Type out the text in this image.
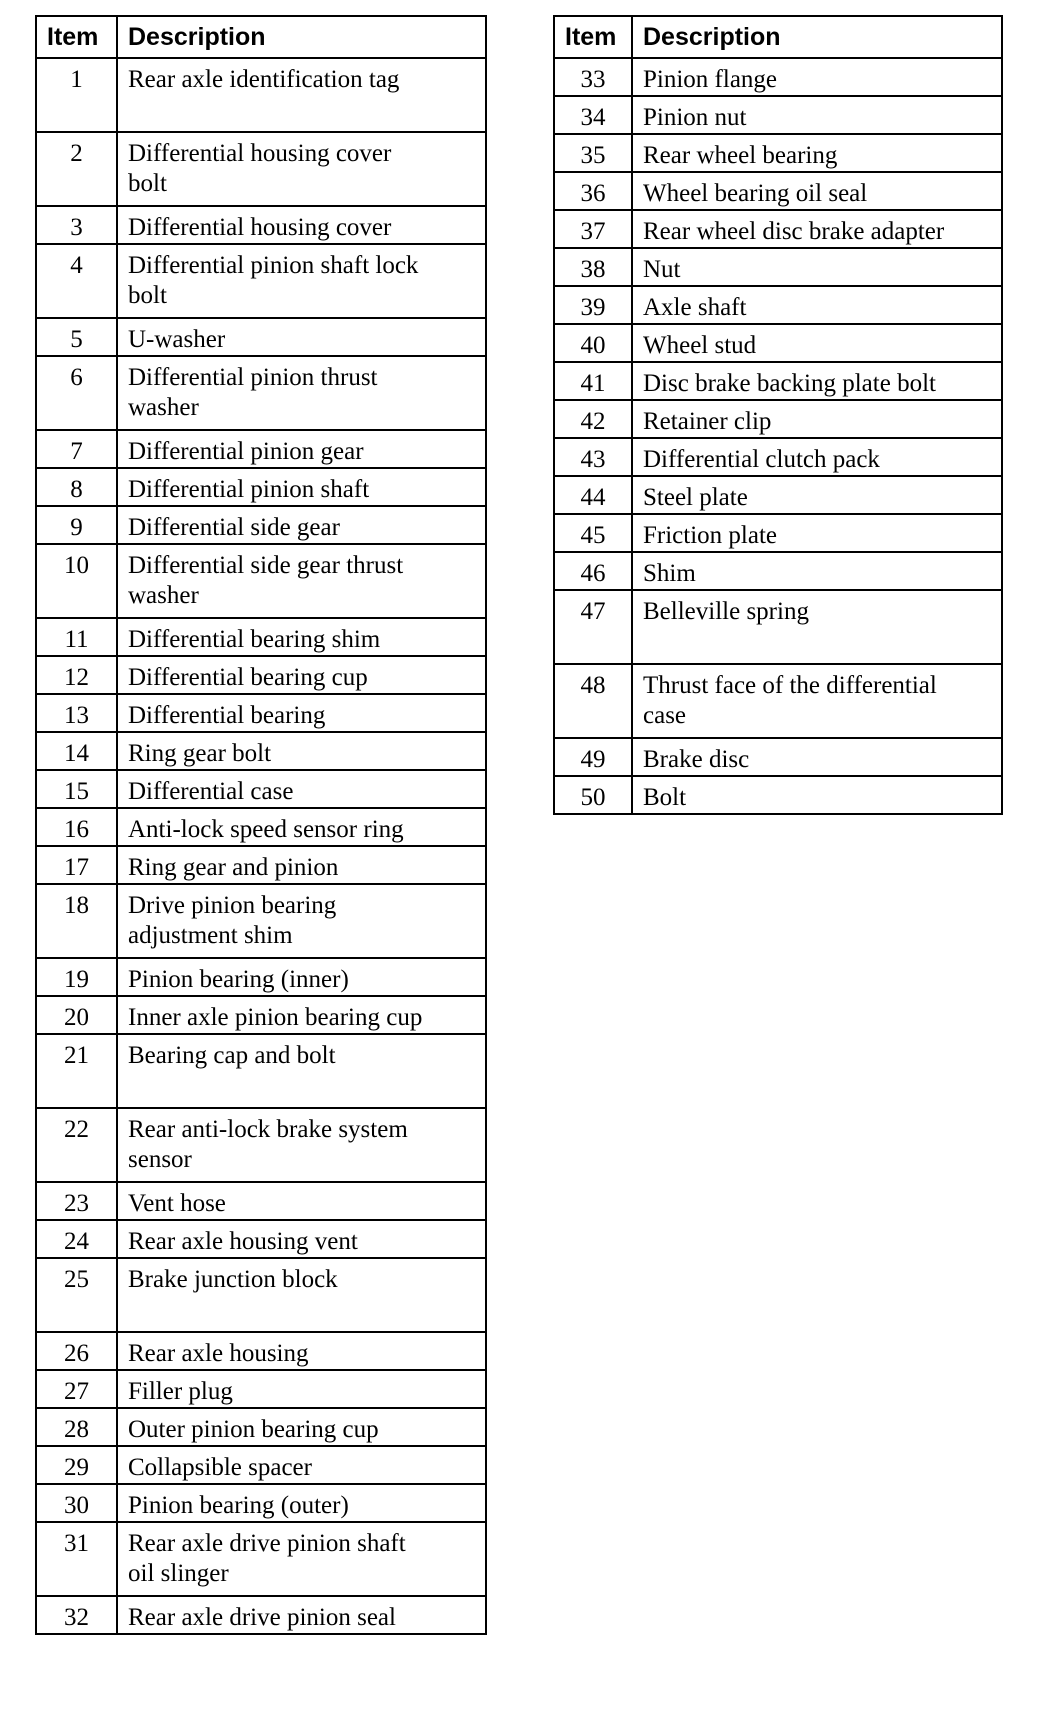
Item	Description
1	Rear axle identification tag

2	Differential housing cover
bolt
3	Differential housing cover
4	Differential pinion shaft lock
bolt
5	U-washer
6	Differential pinion thrust
washer
7	Differential pinion gear
8	Differential pinion shaft
9	Differential side gear
10	Differential side gear thrust
washer
11	Differential bearing shim
12	Differential bearing cup
13	Differential bearing
14	Ring gear bolt
15	Differential case
16	Anti-lock speed sensor ring
17	Ring gear and pinion
18	Drive pinion bearing
adjustment shim
19	Pinion bearing (inner)
20	Inner axle pinion bearing cup
21	Bearing cap and bolt

22	Rear anti-lock brake system
sensor
23	Vent hose
24	Rear axle housing vent
25	Brake junction block

26	Rear axle housing
27	Filler plug
28	Outer pinion bearing cup
29	Collapsible spacer
30	Pinion bearing (outer)
31	Rear axle drive pinion shaft
oil slinger
32	Rear axle drive pinion seal
Item	Description
33	Pinion flange
34	Pinion nut
35	Rear wheel bearing
36	Wheel bearing oil seal
37	Rear wheel disc brake adapter
38	Nut
39	Axle shaft
40	Wheel stud
41	Disc brake backing plate bolt
42	Retainer clip
43	Differential clutch pack
44	Steel plate
45	Friction plate
46	Shim
47	Belleville spring

48	Thrust face of the differential
case
49	Brake disc
50	Bolt
